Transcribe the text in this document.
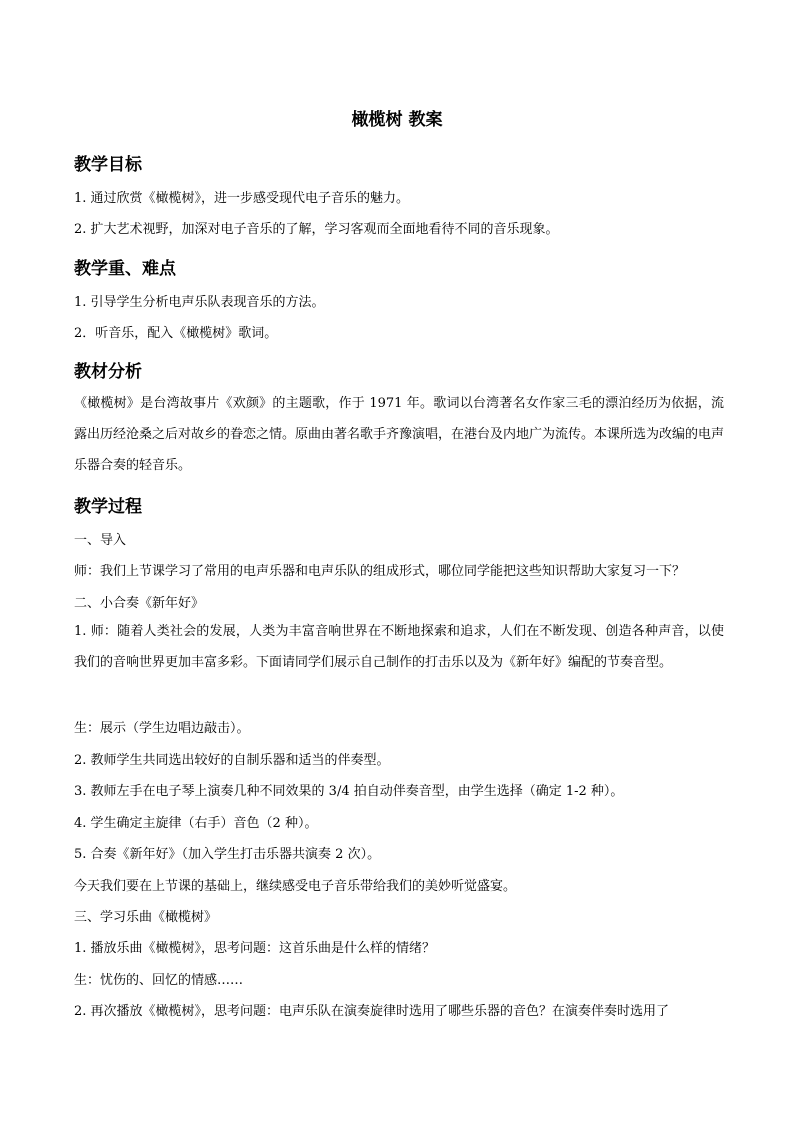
橄榄树 教案
教学目标
1. 通过欣赏《橄榄树》，进一步感受现代电子音乐的魅力。
2. 扩大艺术视野，加深对电子音乐的了解，学习客观而全面地看待不同的音乐现象。
教学重、难点
1. 引导学生分析电声乐队表现音乐的方法。
2．听音乐，配入《橄榄树》歌词。
教材分析
《橄榄树》是台湾故事片《欢颜》的主题歌，作于 1971 年。歌词以台湾著名女作家三毛的漂泊经历为依据，流露出历经沧桑之后对故乡的眷恋之情。原曲由著名歌手齐豫演唱，在港台及内地广为流传。本课所选为改编的电声乐器合奏的轻音乐。
教学过程
一、导入
师：我们上节课学习了常用的电声乐器和电声乐队的组成形式，哪位同学能把这些知识帮助大家复习一下？
二、小合奏《新年好》
1. 师：随着人类社会的发展，人类为丰富音响世界在不断地探索和追求，人们在不断发现、创造各种声音，以使我们的音响世界更加丰富多彩。下面请同学们展示自己制作的打击乐以及为《新年好》编配的节奏音型。
生：展示（学生边唱边敲击）。
2. 教师学生共同选出较好的自制乐器和适当的伴奏型。
3. 教师左手在电子琴上演奏几种不同效果的 3/4 拍自动伴奏音型，由学生选择（确定 1-2 种）。
4. 学生确定主旋律（右手）音色（2 种）。
5. 合奏《新年好》（加入学生打击乐器共演奏 2 次）。
今天我们要在上节课的基础上，继续感受电子音乐带给我们的美妙听觉盛宴。
三、学习乐曲《橄榄树》
1. 播放乐曲《橄榄树》，思考问题：这首乐曲是什么样的情绪？
生：忧伤的、回忆的情感……
2. 再次播放《橄榄树》，思考问题：电声乐队在演奏旋律时选用了哪些乐器的音色？在演奏伴奏时选用了
